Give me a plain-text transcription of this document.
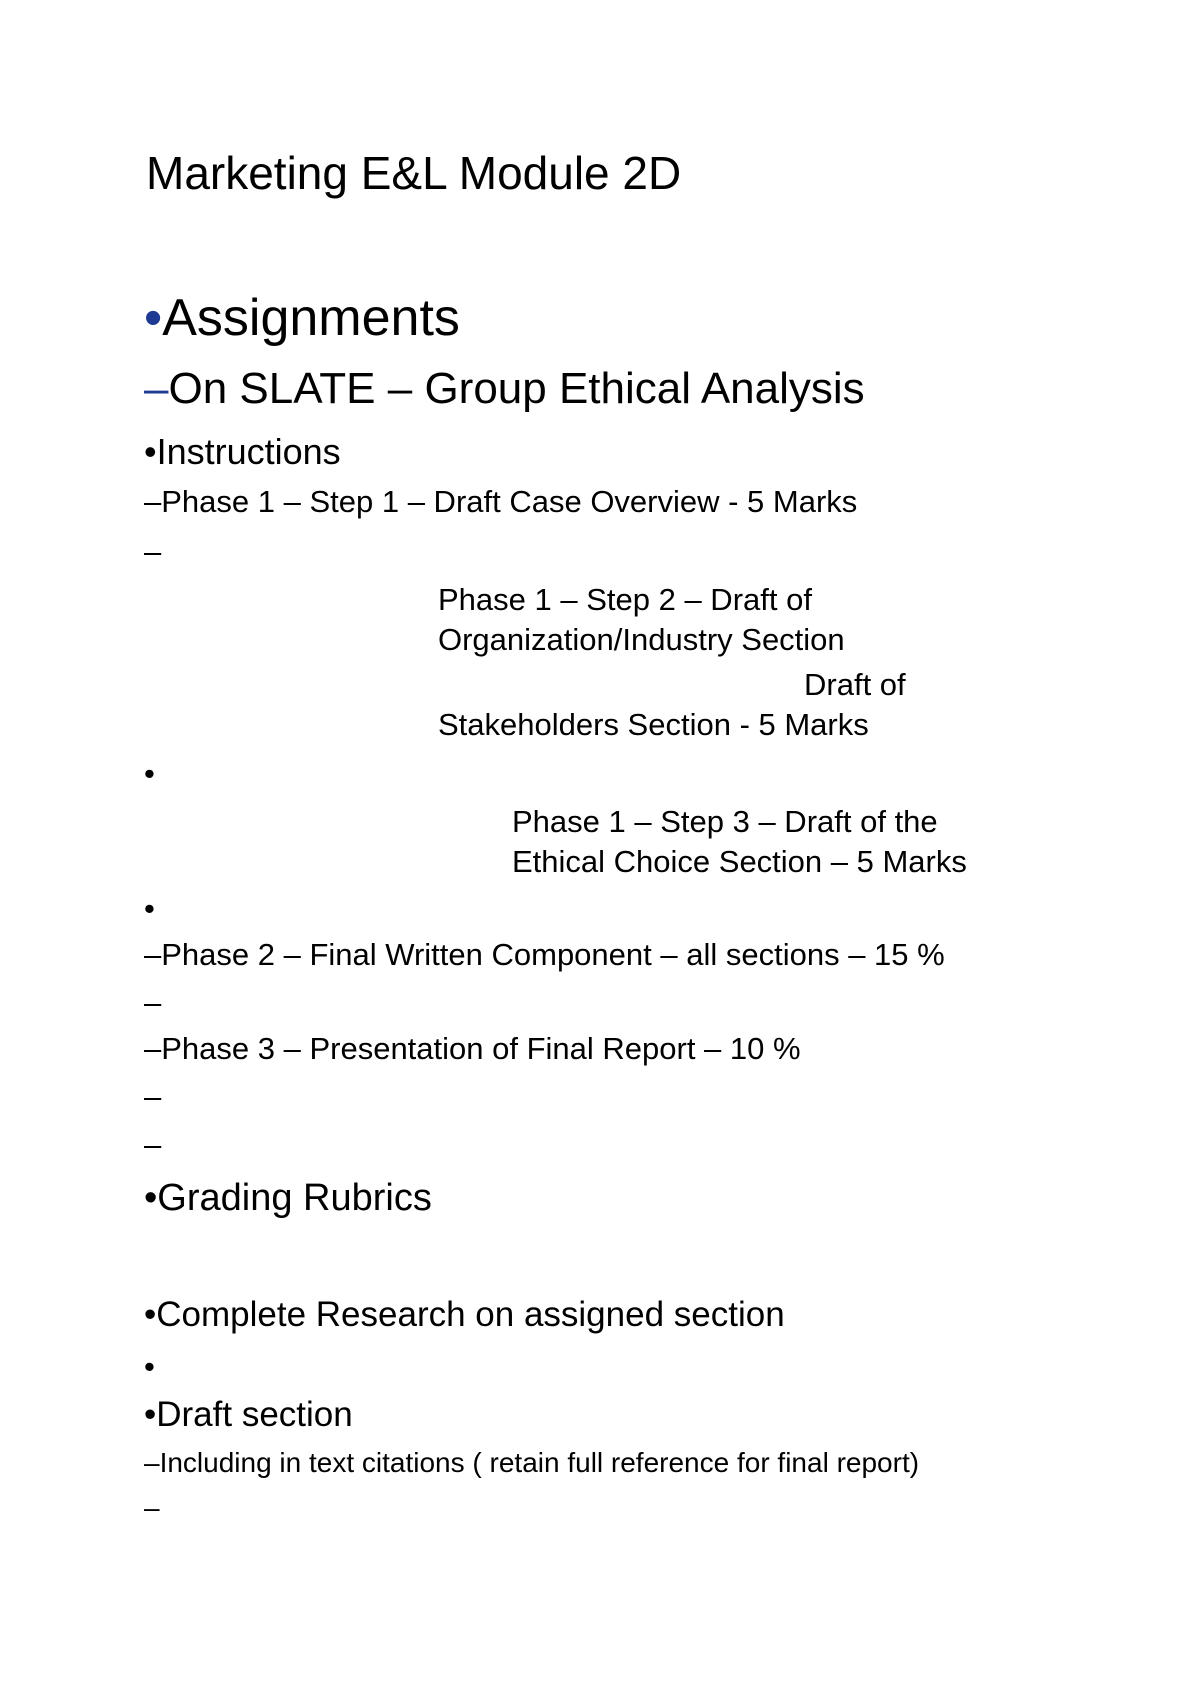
Marketing E&L Module 2D
•Assignments
–On SLATE – Group Ethical Analysis
•Instructions
–Phase 1 – Step 1 – Draft Case Overview - 5 Marks
–
Phase 1 – Step 2 – Draft of
Organization/Industry Section
Draft of
Stakeholders Section - 5 Marks
•
Phase 1 – Step 3 – Draft of the
Ethical Choice Section – 5 Marks
•
–Phase 2 – Final Written Component – all sections – 15 %
–
–Phase 3 – Presentation of Final Report – 10 %
–
–
•Grading Rubrics
•Complete Research on assigned section
•
•Draft section
–Including in text citations ( retain full reference for final report)
–
